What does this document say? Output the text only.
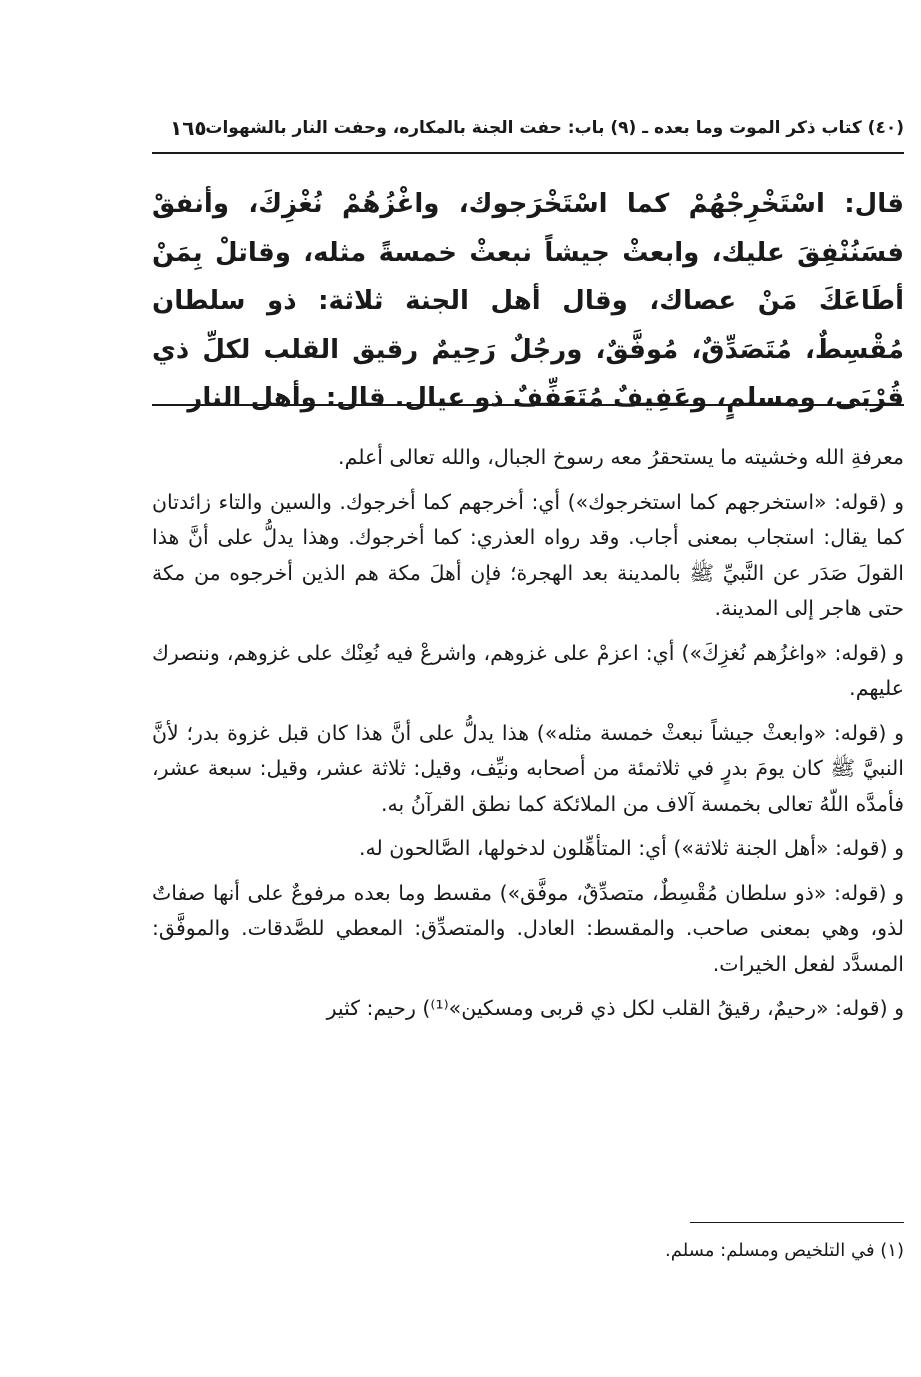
(٤٠) كتاب ذكر الموت وما بعده ـ (٩) باب: حفت الجنة بالمكاره، وحفت النار بالشهوات
١٦٥
قال: اسْتَخْرِجْهُمْ كما اسْتَخْرَجوك، واغْزُهُمْ نُغْزِكَ، وأنفقْ فسَنُنْفِقَ عليك، وابعثْ جيشاً نبعثْ خمسةً مثله، وقاتلْ بِمَنْ أطَاعَكَ مَنْ عصاك، وقال أهل الجنة ثلاثة: ذو سلطان مُقْسِطٌ، مُتَصَدِّقٌ، مُوفَّقٌ، ورجُلٌ رَحِيمٌ رقيق القلب لكلِّ ذي قُرْبَى، ومسلمٍ، وعَفِيفٌ مُتَعَفِّفٌ ذو عيال. قال: وأهل النار

معرفةِ الله وخشيته ما يستحقرُ معه رسوخ الجبال، والله تعالى أعلم.

و (قوله: «استخرجهم كما استخرجوك») أي: أخرجهم كما أخرجوك. والسين والتاء زائدتان كما يقال: استجاب بمعنى أجاب. وقد رواه العذري: كما أخرجوك. وهذا يدلُّ على أنَّ هذا القولَ صَدَر عن النَّبيِّ ﷺ بالمدينة بعد الهجرة؛ فإن أهلَ مكة هم الذين أخرجوه من مكة حتى هاجر إلى المدينة.

و (قوله: «واغزُهم نُغزِكَ») أي: اعزمْ على غزوهم، واشرعْ فيه نُعِنْك على غزوهم، وننصرك عليهم.

و (قوله: «وابعثْ جيشاً نبعثْ خمسة مثله») هذا يدلُّ على أنَّ هذا كان قبل غزوة بدر؛ لأنَّ النبيَّ ﷺ كان يومَ بدرٍ في ثلاثمئة من أصحابه ونيِّف، وقيل: ثلاثة عشر، وقيل: سبعة عشر، فأمدَّه اللّهُ تعالى بخمسة آلاف من الملائكة كما نطق القرآنُ به.

و (قوله: «أهل الجنة ثلاثة») أي: المتأهِّلون لدخولها، الصَّالحون له.

و (قوله: «ذو سلطان مُقْسِطٌ، متصدِّقٌ، موفَّق») مقسط وما بعده مرفوعٌ على أنها صفاتٌ لذو، وهي بمعنى صاحب. والمقسط: العادل. والمتصدِّق: المعطي للصَّدقات. والموفَّق: المسدَّد لفعل الخيرات.

و (قوله: «رحيمٌ، رقيقُ القلب لكل ذي قربى ومسكين»⁽¹⁾) رحيم: كثير

(١) في التلخيص ومسلم: مسلم.
